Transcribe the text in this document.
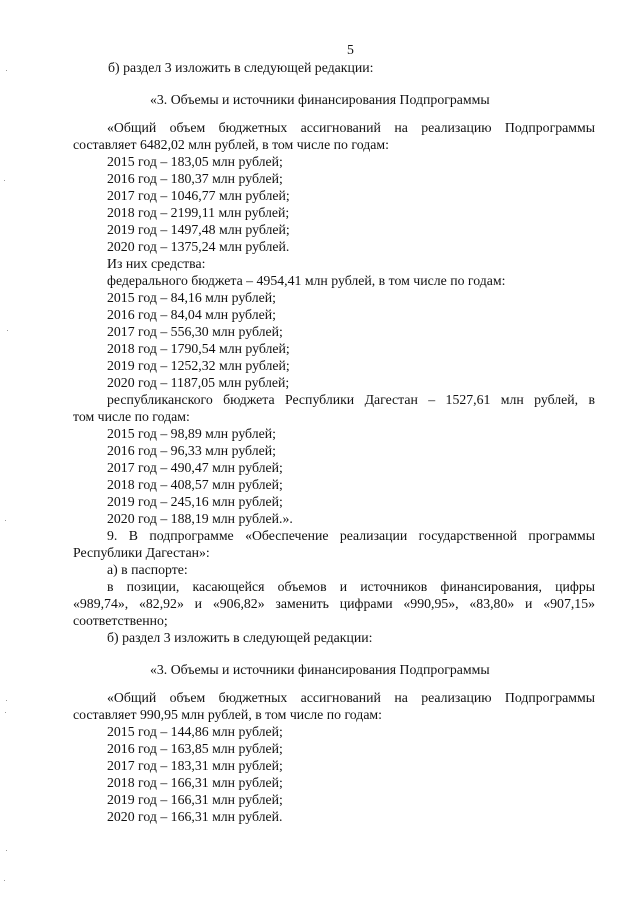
5
б) раздел 3 изложить в следующей редакции:
«3. Объемы и источники финансирования Подпрограммы
«Общий объем бюджетных ассигнований на реализацию Подпрограммы
составляет 6482,02 млн рублей, в том числе по годам:
2015 год – 183,05 млн рублей;
2016 год – 180,37 млн рублей;
2017 год – 1046,77 млн рублей;
2018 год – 2199,11 млн рублей;
2019 год – 1497,48 млн рублей;
2020 год – 1375,24 млн рублей.
Из них средства:
федерального бюджета – 4954,41 млн рублей, в том числе по годам:
2015 год – 84,16 млн рублей;
2016 год – 84,04 млн рублей;
2017 год – 556,30 млн рублей;
2018 год – 1790,54 млн рублей;
2019 год – 1252,32 млн рублей;
2020 год – 1187,05 млн рублей;
республиканского бюджета Республики Дагестан – 1527,61 млн рублей, в
том числе по годам:
2015 год – 98,89 млн рублей;
2016 год – 96,33 млн рублей;
2017 год – 490,47 млн рублей;
2018 год – 408,57 млн рублей;
2019 год – 245,16 млн рублей;
2020 год – 188,19 млн рублей.».
9. В подпрограмме «Обеспечение реализации государственной программы
Республики Дагестан»:
а) в паспорте:
в позиции, касающейся объемов и источников финансирования, цифры
«989,74», «82,92» и «906,82» заменить цифрами «990,95», «83,80» и «907,15»
соответственно;
б) раздел 3 изложить в следующей редакции:
«3. Объемы и источники финансирования Подпрограммы
«Общий объем бюджетных ассигнований на реализацию Подпрограммы
составляет 990,95 млн рублей, в том числе по годам:
2015 год – 144,86 млн рублей;
2016 год – 163,85 млн рублей;
2017 год – 183,31 млн рублей;
2018 год – 166,31 млн рублей;
2019 год – 166,31 млн рублей;
2020 год – 166,31 млн рублей.
